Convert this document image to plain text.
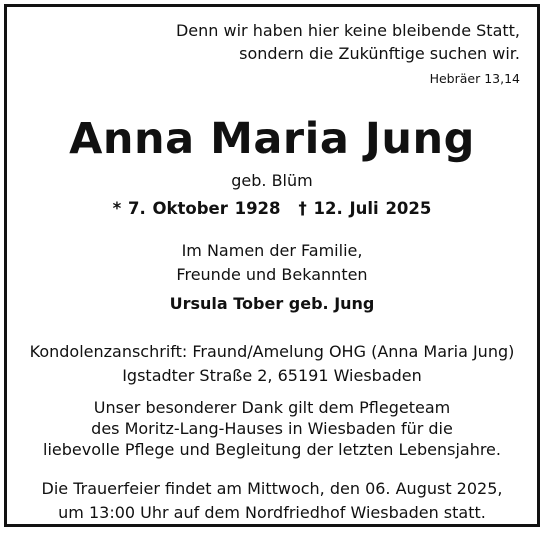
Denn wir haben hier keine bleibende Statt,
sondern die Zukünftige suchen wir.
Hebräer 13,14
Anna Maria Jung
geb. Blüm
* 7. Oktober 1928 † 12. Juli 2025
Im Namen der Familie,
Freunde und Bekannten
Ursula Tober geb. Jung
Kondolenzanschrift: Fraund/Amelung OHG (Anna Maria Jung)
Igstadter Straße 2, 65191 Wiesbaden
Unser besonderer Dank gilt dem Pflegeteam
des Moritz-Lang-Hauses in Wiesbaden für die
liebevolle Pflege und Begleitung der letzten Lebensjahre.
Die Trauerfeier findet am Mittwoch, den 06. August 2025,
um 13:00 Uhr auf dem Nordfriedhof Wiesbaden statt.
